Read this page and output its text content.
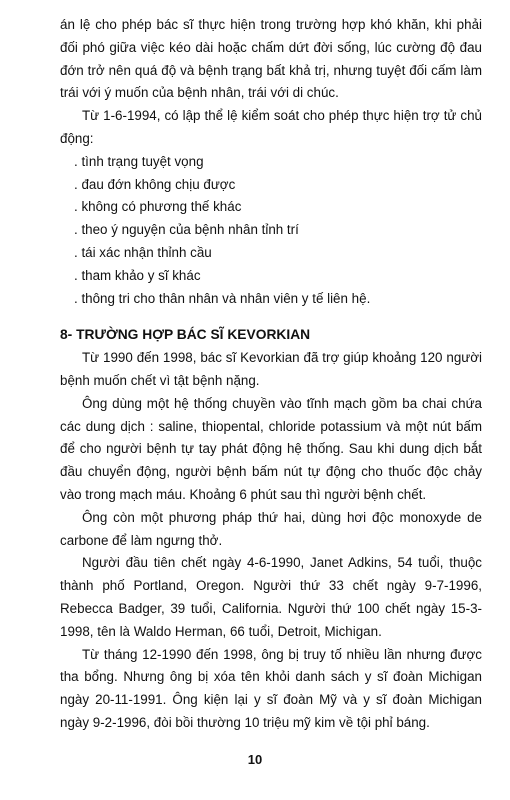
án lệ cho phép bác sĩ thực hiện trong trường hợp khó khăn, khi phải đối phó giữa việc kéo dài hoặc chấm dứt đời sống, lúc cường độ đau đớn trở nên quá độ và bệnh trạng bất khả trị, nhưng tuyệt đối cấm làm trái với ý muốn của bệnh nhân, trái với di chúc.

Từ 1-6-1994, có lập thể lệ kiểm soát cho phép thực hiện trợ tử chủ động:

. tình trạng tuyệt vọng
. đau đớn không chịu được
. không có phương thế khác
. theo ý nguyện của bệnh nhân tỉnh trí
. tái xác nhận thỉnh cầu
. tham khảo y sĩ khác
. thông tri cho thân nhân và nhân viên y tế liên hệ.
8- TRƯỜNG HỢP BÁC SĨ KEVORKIAN

Từ 1990 đến 1998, bác sĩ Kevorkian đã trợ giúp khoảng 120 người bệnh muốn chết vì tật bệnh nặng.

Ông dùng một hệ thống chuyền vào tĩnh mạch gồm ba chai chứa các dung dịch : saline, thiopental, chloride potassium và một nút bấm để cho người bệnh tự tay phát động hệ thống. Sau khi dung dịch bắt đầu chuyển động, người bệnh bấm nút tự động cho thuốc độc chảy vào trong mạch máu. Khoảng 6 phút sau thì người bệnh chết.

Ông còn một phương pháp thứ hai, dùng hơi độc monoxyde de carbone để làm ngưng thở.

Người đầu tiên chết ngày 4-6-1990, Janet Adkins, 54 tuổi, thuộc thành phố Portland, Oregon. Người thứ 33 chết ngày 9-7-1996, Rebecca Badger, 39 tuổi, California. Người thứ 100 chết ngày 15-3-1998, tên là Waldo Herman, 66 tuổi, Detroit, Michigan.

Từ tháng 12-1990 đến 1998, ông bị truy tố nhiều lần nhưng được tha bổng. Nhưng ông bị xóa tên khỏi danh sách y sĩ đoàn Michigan ngày 20-11-1991. Ông kiện lại y sĩ đoàn Mỹ và y sĩ đoàn Michigan ngày 9-2-1996, đòi bồi thường 10 triệu mỹ kim về tội phỉ báng.

10
